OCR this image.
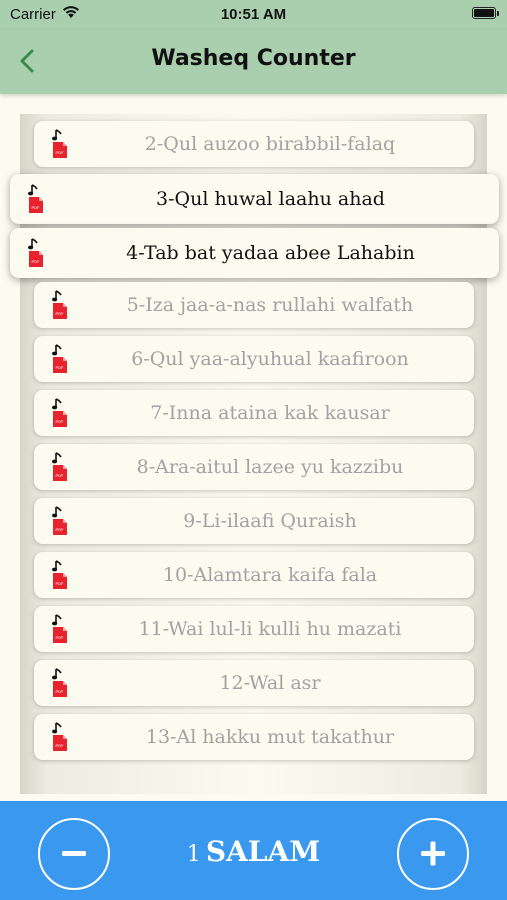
Carrier	10:51 AM
Washeq Counter
PDF	2-Qul auzoo birabbil-falaq
PDF	3-Qul huwal laahu ahad
PDF	4-Tab bat yadaa abee Lahabin
PDF	5-Iza jaa-a-nas rullahi walfath
PDF	6-Qul yaa-alyuhual kaafiroon
PDF	7-Inna ataina kak kausar
PDF	8-Ara-aitul lazee yu kazzibu
PDF	9-Li-ilaafi Quraish
PDF	10-Alamtara kaifa fala
PDF	11-Wai lul-li kulli hu mazati
PDF	12-Wal asr
PDF	13-Al hakku mut takathur
1 SALAM
